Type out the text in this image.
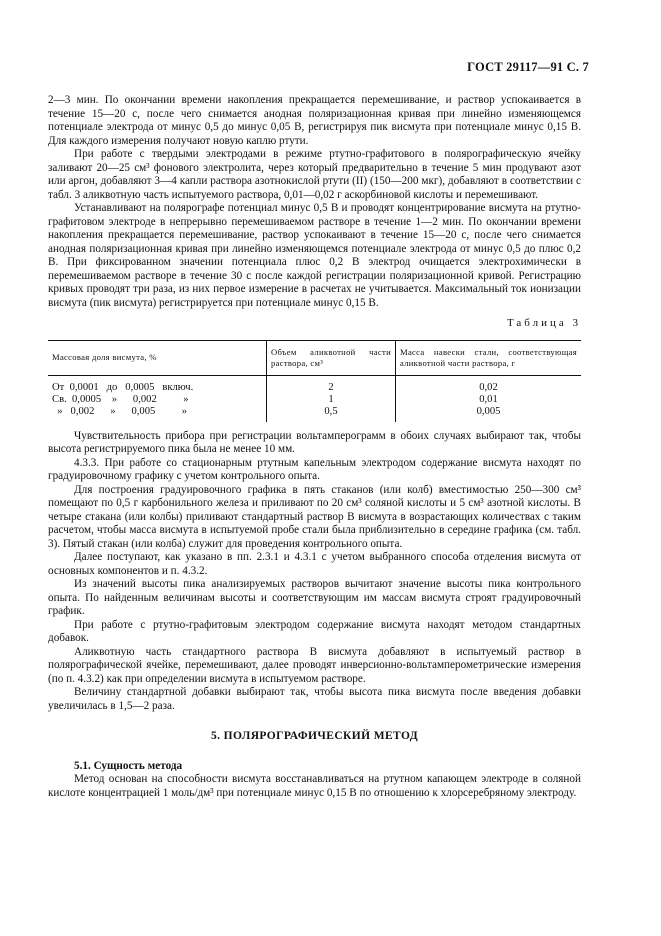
ГОСТ 29117—91 С. 7

2—3 мин. По окончании времени накопления прекращается перемешивание, и раствор успокаивается в течение 15—20 с, после чего снимается анодная поляризационная кривая при линейно изменяющемся потенциале электрода от минус 0,5 до минус 0,05 В, регистрируя пик висмута при потенциале минус 0,15 В. Для каждого измерения получают новую каплю ртути.

При работе с твердыми электродами в режиме ртутно-графитового в полярографическую ячейку заливают 20—25 см³ фонового электролита, через который предварительно в течение 5 мин продувают азот или аргон, добавляют 3—4 капли раствора азотнокислой ртути (II) (150—200 мкг), добавляют в соответствии с табл. 3 аликвотную часть испытуемого раствора, 0,01—0,02 г аскорбиновой кислоты и перемешивают.

Устанавливают на полярографе потенциал минус 0,5 В и проводят концентрирование висмута на ртутно-графитовом электроде в непрерывно перемешиваемом растворе в течение 1—2 мин. По окончании времени накопления прекращается перемешивание, раствор успокаивают в течение 15—20 с, после чего снимается анодная поляризационная кривая при линейно изменяющемся потенциале электрода от минус 0,5 до плюс 0,2 В. При фиксированном значении потенциала плюс 0,2 В электрод очищается электрохимически в перемешиваемом растворе в течение 30 с после каждой регистрации поляризационной кривой. Регистрацию кривых проводят три раза, из них первое измерение в расчетах не учитывается. Максимальный ток ионизации висмута (пик висмута) регистрируется при потенциале минус 0,15 В.

Таблица 3
Массовая доля висмута, %	Объем аликвотной части раствора, см³	Масса навески стали, соответствующая аликвотной части раствора, г
От  0,0001   до   0,0005   включ.	2	0,02
Св.  0,0005    »      0,002          »	1	0,01
»   0,002      »      0,005          »	0,5	0,005

Чувствительность прибора при регистрации вольтамперограмм в обоих случаях выбирают так, чтобы высота регистрируемого пика была не менее 10 мм.

4.3.3. При работе со стационарным ртутным капельным электродом содержание висмута находят по градуировочному графику с учетом контрольного опыта.

Для построения градуировочного графика в пять стаканов (или колб) вместимостью 250—300 см³ помещают по 0,5 г карбонильного железа и приливают по 20 см³ соляной кислоты и 5 см³ азотной кислоты. В четыре стакана (или колбы) приливают стандартный раствор В висмута в возрастающих количествах с таким расчетом, чтобы масса висмута в испытуемой пробе стали была приблизительно в середине графика (см. табл. 3). Пятый стакан (или колба) служит для проведения контрольного опыта.

Далее поступают, как указано в пп. 2.3.1 и 4.3.1 с учетом выбранного способа отделения висмута от основных компонентов и п. 4.3.2.

Из значений высоты пика анализируемых растворов вычитают значение высоты пика контрольного опыта. По найденным величинам высоты и соответствующим им массам висмута строят градуировочный график.

При работе с ртутно-графитовым электродом содержание висмута находят методом стандартных добавок.

Аликвотную часть стандартного раствора В висмута добавляют в испытуемый раствор в полярографической ячейке, перемешивают, далее проводят инверсионно-вольтамперометрические измерения (по п. 4.3.2) как при определении висмута в испытуемом растворе.

Величину стандартной добавки выбирают так, чтобы высота пика висмута после введения добавки увеличилась в 1,5—2 раза.

5. ПОЛЯРОГРАФИЧЕСКИЙ МЕТОД

5.1. Сущность метода

Метод основан на способности висмута восстанавливаться на ртутном капающем электроде в соляной кислоте концентрацией 1 моль/дм³ при потенциале минус 0,15 В по отношению к хлорсеребряному электроду.
